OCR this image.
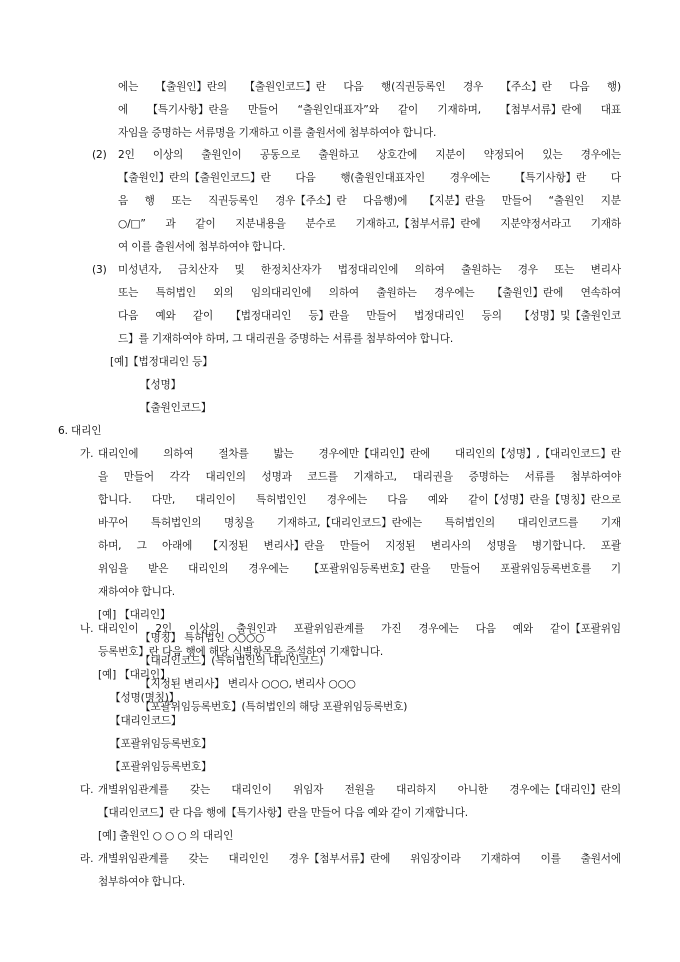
에는 【출원인】란의 【출원인코드】란 다음 행(직권등록인 경우 【주소】란 다음 행)
에 【특기사항】란을 만들어 “출원인대표자”와 같이 기재하며, 【첨부서류】란에 대표
자임을 증명하는 서류명을 기재하고 이를 출원서에 첨부하여야 합니다.
(2) 2인 이상의 출원인이 공동으로 출원하고 상호간에 지분이 약정되어 있는 경우에는
【출원인】란의【출원인코드】란 다음 행(출원인대표자인 경우에는 【특기사항】란 다
음 행 또는 직권등록인 경우【주소】란 다음행)에 【지분】란을 만들어 “출원인 지분
○/□” 과 같이 지분내용을 분수로 기재하고,【첨부서류】란에 지분약정서라고 기재하
여 이를 출원서에 첨부하여야 합니다.
(3) 미성년자, 금치산자 및 한정치산자가 법정대리인에 의하여 출원하는 경우 또는 변리사
또는 특허법인 외의 임의대리인에 의하여 출원하는 경우에는 【출원인】란에 연속하여
다음 예와 같이 【법정대리인 등】란을 만들어 법정대리인 등의 【성명】및【출원인코
드】를 기재하여야 하며, 그 대리권을 증명하는 서류를 첨부하여야 합니다.
[예]【법정대리인 등】
【성명】
【출원인코드】
6. 대리인
가. 대리인에 의하여 절차를 밟는 경우에만【대리인】란에 대리인의【성명】,【대리인코드】란
을 만들어 각각 대리인의 성명과 코드를 기재하고, 대리권을 증명하는 서류를 첨부하여야
합니다. 다만, 대리인이 특허법인인 경우에는 다음 예와 같이【성명】란을【명칭】란으로
바꾸어 특허법인의 명칭을 기재하고,【대리인코드】란에는 특허법인의 대리인코드를 기재
하며, 그 아래에 【지정된 변리사】란을 만들어 지정된 변리사의 성명을 병기합니다. 포괄
위임을 받은 대리인의 경우에는 【포괄위임등록번호】란을 만들어 포괄위임등록번호를 기
재하여야 합니다.
[예] 【대리인】
【명칭】 특허법인 ○○○○
【대리인코드】(특허법인의 대리인코드)
【지정된 변리사】 변리사 ○○○, 변리사 ○○○
【포괄위임등록번호】(특허법인의 해당 포괄위임등록번호)
나. 대리인이 2인 이상의 출원인과 포괄위임관계를 가진 경우에는 다음 예와 같이【포괄위임
등록번호】란 다음 행에 해당 식별항목을 증설하여 기재합니다.
[예] 【대리인】
【성명(명칭)】
【대리인코드】
【포괄위임등록번호】
【포괄위임등록번호】
다. 개별위임관계를 갖는 대리인이 위임자 전원을 대리하지 아니한 경우에는【대리인】란의
【대리인코드】란 다음 행에【특기사항】란을 만들어 다음 예와 같이 기재합니다.
[예] 출원인 ○ ○ ○ 의 대리인
라. 개별위임관계를 갖는 대리인인 경우【첨부서류】란에 위임장이라 기재하여 이를 출원서에
첨부하여야 합니다.
